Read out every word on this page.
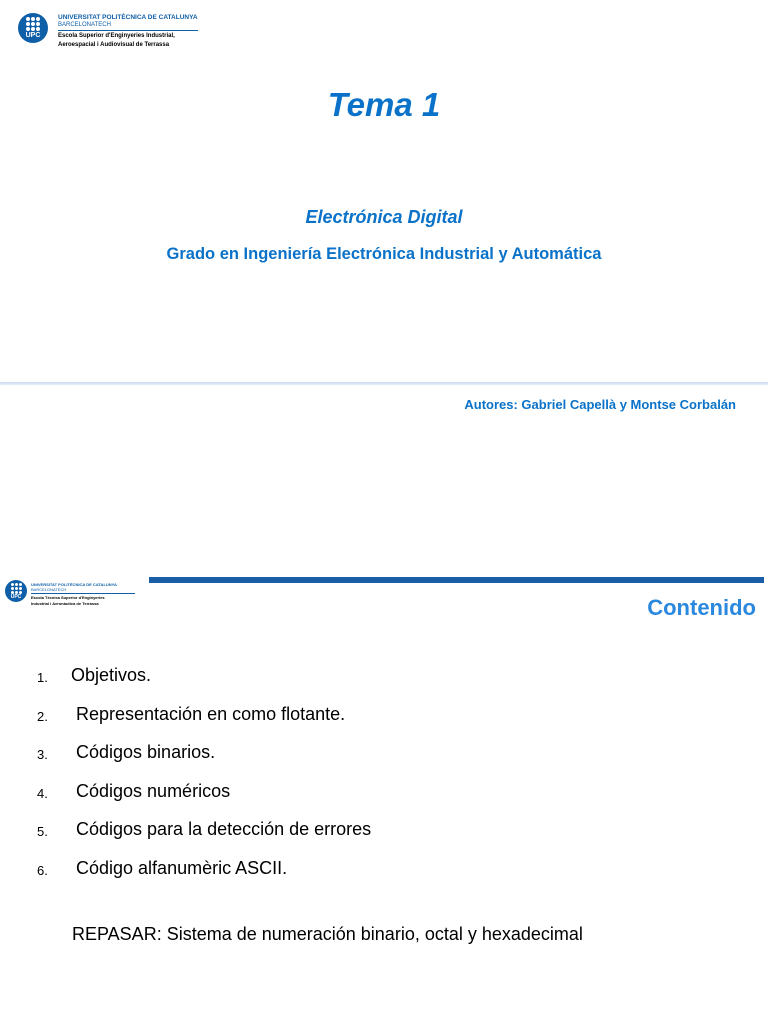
UPC
UNIVERSITAT POLITÈCNICA DE CATALUNYA
BARCELONATECH
Escola Superior d'Enginyeries Industrial,
Aeroespacial i Audiovisual de Terrassa
Tema 1
Electrónica Digital
Grado en Ingeniería Electrónica Industrial y Automática
Autores: Gabriel Capellà y Montse Corbalán
UPC
UNIVERSITAT POLITÈCNICA DE CATALUNYA
BARCELONATECH
Escola Tècnica Superior d'Enginyeries
Industrial i Aeronàutica de Terrassa	Contenido
1.	Objetivos.
2.	Representación en como flotante.
3.	Códigos binarios.
4.	Códigos numéricos
5.	Códigos para la detección de errores
6.	Código alfanumèric ASCII.
REPASAR: Sistema de numeración binario, octal y hexadecimal
